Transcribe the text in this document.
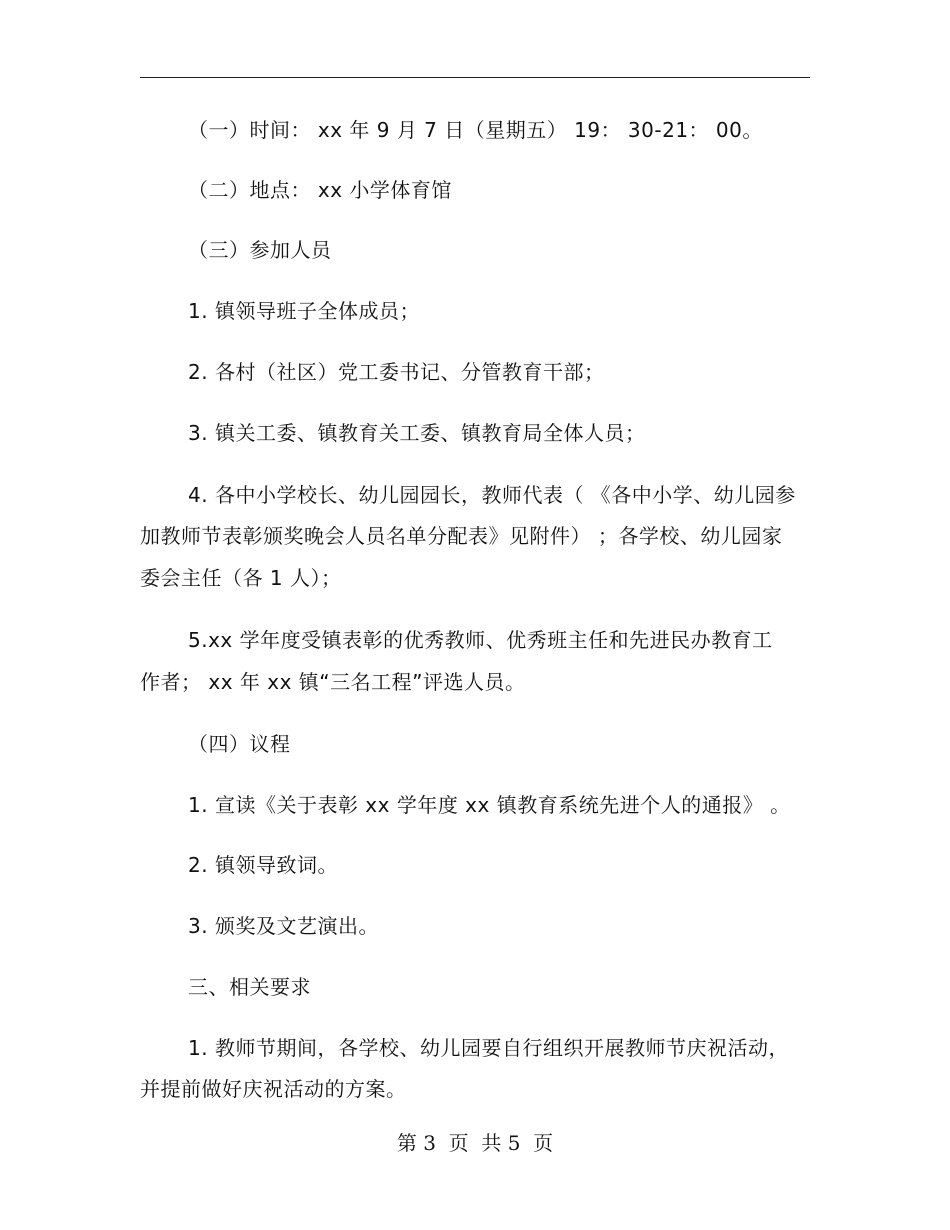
（一）时间： xx 年 9 月 7 日（星期五） 19： 30-21： 00。
（二）地点： xx 小学体育馆
（三）参加人员
1. 镇领导班子全体成员；
2. 各村（社区）党工委书记、分管教育干部；
3. 镇关工委、镇教育关工委、镇教育局全体人员；
4. 各中小学校长、幼儿园园长，教师代表（ 《各中小学、幼儿园参
加教师节表彰颁奖晚会人员名单分配表》见附件） ；各学校、幼儿园家
委会主任（各 1 人）；
5.xx 学年度受镇表彰的优秀教师、优秀班主任和先进民办教育工
作者； xx 年 xx 镇“三名工程”评选人员。
（四）议程
1. 宣读《关于表彰 xx 学年度 xx 镇教育系统先进个人的通报》 。
2. 镇领导致词。
3. 颁奖及文艺演出。
三、相关要求
1. 教师节期间，各学校、幼儿园要自行组织开展教师节庆祝活动，
并提前做好庆祝活动的方案。
第 3  页  共 5  页
